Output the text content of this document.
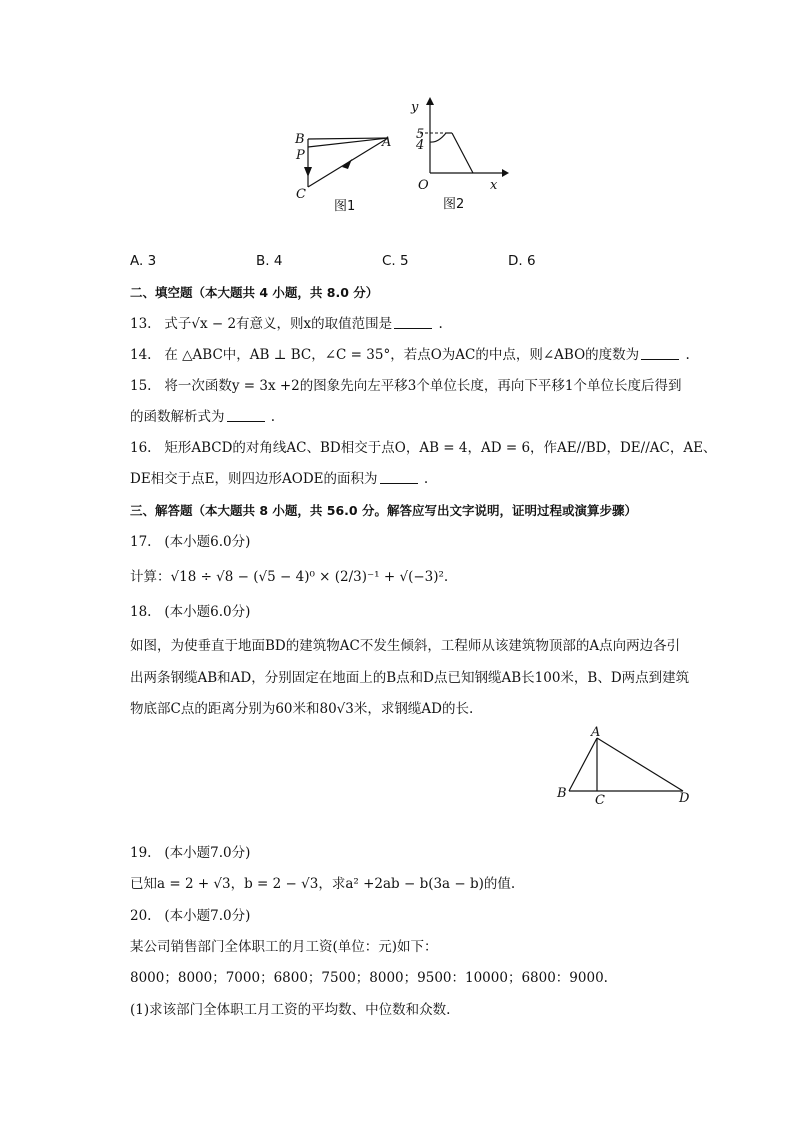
B
P
A
C
图1
y
5
4
O	x
图2
A. 3	B. 4	C. 5	D. 6
二、填空题（本大题共 4 小题，共 8.0 分）
13. 式子√x − 2有意义，则x的取值范围是	.
14. 在 △ABC中，AB ⊥ BC，∠C = 35°，若点O为AC的中点，则∠ABO的度数为	.
15. 将一次函数y = 3x +2的图象先向左平移3个单位长度，再向下平移1个单位长度后得到
的函数解析式为	.
16. 矩形ABCD的对角线AC、BD相交于点O，AB = 4，AD = 6，作AE//BD，DE//AC，AE、
DE相交于点E，则四边形AODE的面积为	.
三、解答题（本大题共 8 小题，共 56.0 分。解答应写出文字说明，证明过程或演算步骤）
17. (本小题6.0分)
计算：√18 ÷ √8 − (√5 − 4)⁰ × (2/3)⁻¹ + √(−3)².
18. (本小题6.0分)
如图，为使垂直于地面BD的建筑物AC不发生倾斜，工程师从该建筑物顶部的A点向两边各引
出两条钢缆AB和AD，分别固定在地面上的B点和D点已知钢缆AB长100米，B、D两点到建筑
物底部C点的距离分别为60米和80√3米，求钢缆AD的长.
A
B C	D
19. (本小题7.0分)
已知a = 2 + √3，b = 2 − √3，求a² +2ab − b(3a − b)的值.
20. (本小题7.0分)
某公司销售部门全体职工的月工资(单位：元)如下：
8000；8000；7000；6800；7500；8000；9500：10000；6800：9000.
(1)求该部门全体职工月工资的平均数、中位数和众数.
